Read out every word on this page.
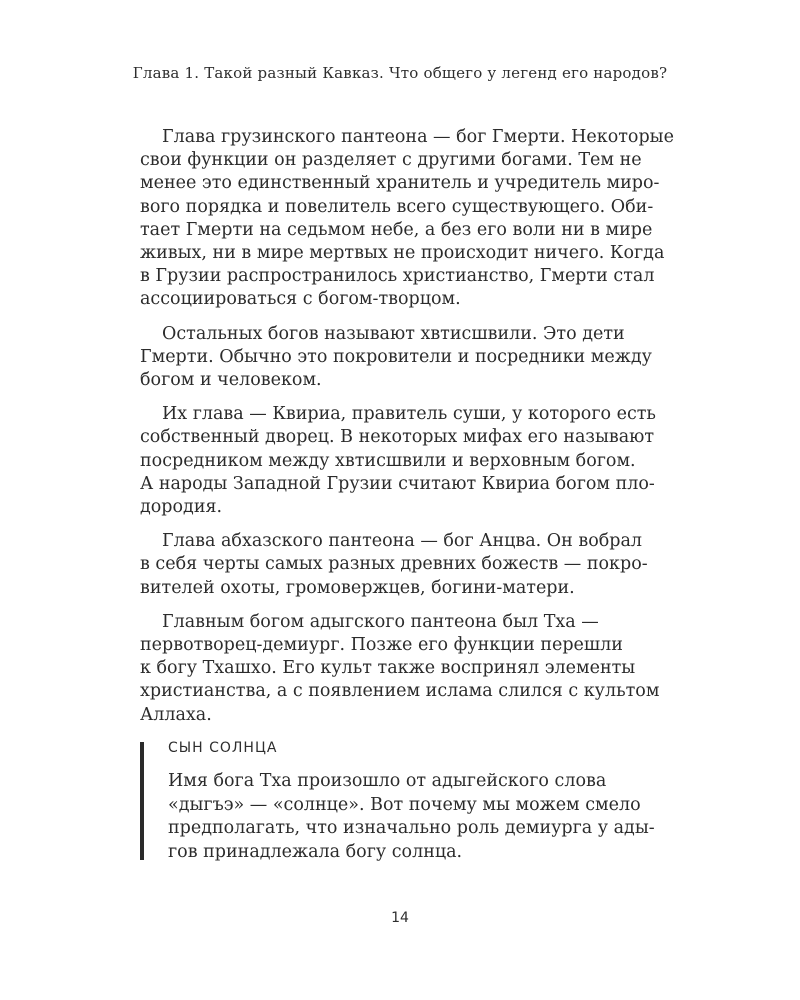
Глава 1. Такой разный Кавказ. Что общего у легенд его народов?

Глава грузинского пантеона — бог Гмерти. Некоторые
свои функции он разделяет с другими богами. Тем не
менее это единственный хранитель и учредитель миро-
вого порядка и повелитель всего существующего. Оби-
тает Гмерти на седьмом небе, а без его воли ни в мире
живых, ни в мире мертвых не происходит ничего. Когда
в Грузии распространилось христианство, Гмерти стал
ассоциироваться с богом-творцом.

Остальных богов называют хвтисшвили. Это дети
Гмерти. Обычно это покровители и посредники между
богом и человеком.

Их глава — Квириа, правитель суши, у которого есть
собственный дворец. В некоторых мифах его называют
посредником между хвтисшвили и верховным богом.
А народы Западной Грузии считают Квириа богом пло-
дородия.

Глава абхазского пантеона — бог Анцва. Он вобрал
в себя черты самых разных древних божеств — покро-
вителей охоты, громовержцев, богини-матери.

Главным богом адыгского пантеона был Тха —
первотворец-демиург. Позже его функции перешли
к богу Тхашхо. Его культ также воспринял элементы
христианства, а с появлением ислама слился с культом
Аллаха.

СЫН СОЛНЦА
Имя бога Тха произошло от адыгейского слова
«дыгъэ» — «солнце». Вот почему мы можем смело
предполагать, что изначально роль демиурга у ады-
гов принадлежала богу солнца.
14
